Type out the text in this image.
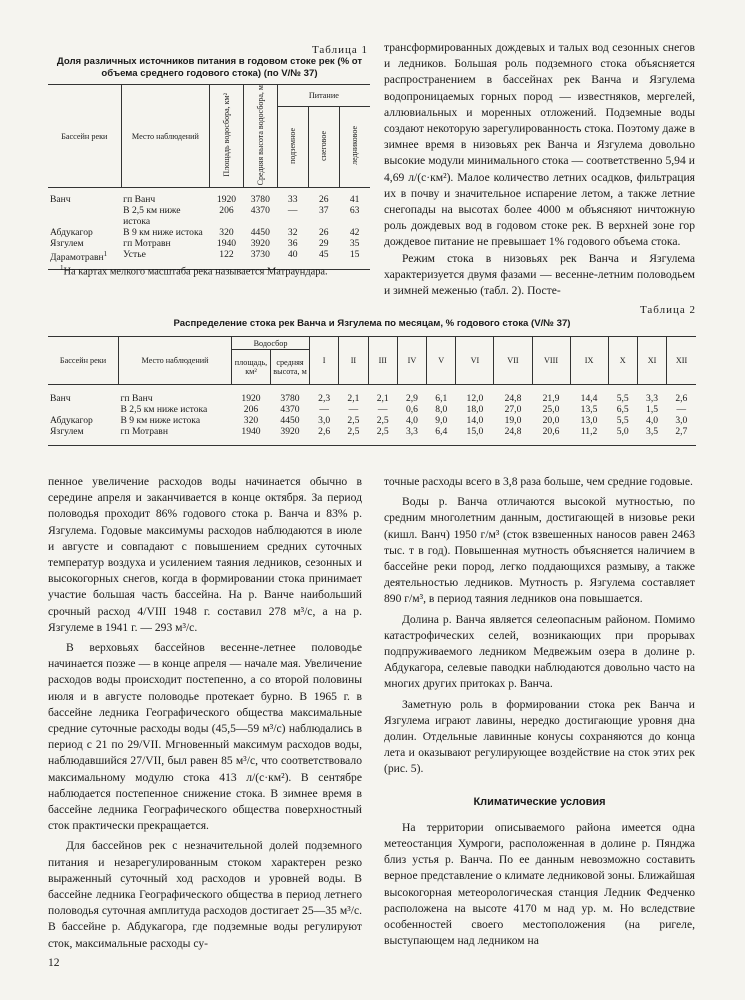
Таблица 1
Доля различных источников питания в годовом стоке рек (% от объема среднего годового стока) (по V/№ 37)
Бассейн реки	Место наблюдений	Площадь водосбора, км²	Средняя высота водосбора, м	Питание		
				подземное	снеговое	ледниковое

Ванч	гп Ванч	1920	3780	33	26	41
	В 2,5 км ниже истока	206	4370	—	37	63
Абдукагор	В 9 км ниже истока	320	4450	32	26	42
Язгулем	гп Мотравн	1940	3920	36	29	35
Дарамотравн$^1$	Устье	122	3730	40	45	15
$^1$На картах мелкого масштаба река называется Матраундара.

трансформированных дождевых и талых вод сезонных снегов и ледников. Большая роль подземного стока объясняется распространением в бассейнах рек Ванча и Язгулема водопроницаемых горных пород — известняков, мергелей, аллювиальных и моренных отложений. Подземные воды создают некоторую зарегулированность стока. Поэтому даже в зимнее время в низовьях рек Ванча и Язгулема довольно высокие модули минимального стока — соответственно 5,94 и 4,69 л/(с·км²). Малое количество летних осадков, фильтрация их в почву и значительное испарение летом, а также летние снегопады на высотах более 4000 м объясняют ничтожную роль дождевых вод в годовом стоке рек. В верхней зоне гор дождевое питание не превышает 1% годового объема стока.

Режим стока в низовьях рек Ванча и Язгулема характеризуется двумя фазами — весенне-летним половодьем и зимней меженью (табл. 2). Посте-

Таблица 2
Распределение стока рек Ванча и Язгулема по месяцам, % годового стока (V/№ 37)
Бассейн реки	Место наблюдений	Водосбор		I	II	III	IV	V	VI	VII	VIII	IX	X	XI	XII
		площадь, км²	средняя высота, м												

Ванч	гп Ванч	1920	3780	2,3	2,1	2,1	2,9	6,1	12,0	24,8	21,9	14,4	5,5	3,3	2,6
	В 2,5 км ниже истока	206	4370	—	—	—	0,6	8,0	18,0	27,0	25,0	13,5	6,5	1,5	—
Абдукагор	В 9 км ниже истока	320	4450	3,0	2,5	2,5	4,0	9,0	14,0	19,0	20,0	13,0	5,5	4,0	3,0
Язгулем	гп Мотравн	1940	3920	2,6	2,5	2,5	3,3	6,4	15,0	24,8	20,6	11,2	5,0	3,5	2,7

пенное увеличение расходов воды начинается обычно в середине апреля и заканчивается в конце октября. За период половодья проходит 86% годового стока р. Ванча и 83% р. Язгулема. Годовые максимумы расходов наблюдаются в июле и августе и совпадают с повышением средних суточных температур воздуха и усилением таяния ледников, сезонных и высокогорных снегов, когда в формировании стока принимает участие большая часть бассейна. На р. Ванче наибольший срочный расход 4/VIII 1948 г. составил 278 м³/с, а на р. Язгулеме в 1941 г. — 293 м³/с.

В верховьях бассейнов весенне-летнее половодье начинается позже — в конце апреля — начале мая. Увеличение расходов воды происходит постепенно, а со второй половины июля и в августе половодье протекает бурно. В 1965 г. в бассейне ледника Географического общества максимальные средние суточные расходы воды (45,5—59 м³/с) наблюдались в период с 21 по 29/VII. Мгновенный максимум расходов воды, наблюдавшийся 27/VII, был равен 85 м³/с, что соответствовало максимальному модулю стока 413 л/(с·км²). В сентябре наблюдается постепенное снижение стока. В зимнее время в бассейне ледника Географического общества поверхностный сток практически прекращается.

Для бассейнов рек с незначительной долей подземного питания и незарегулированным стоком характерен резко выраженный суточный ход расходов и уровней воды. В бассейне ледника Географического общества в период летнего половодья суточная амплитуда расходов достигает 25—35 м³/с. В бассейне р. Абдукагора, где подземные воды регулируют сток, максимальные расходы су-

точные расходы всего в 3,8 раза больше, чем средние годовые.

Воды р. Ванча отличаются высокой мутностью, по средним многолетним данным, достигающей в низовье реки (кишл. Ванч) 1950 г/м³ (сток взвешенных наносов равен 2463 тыс. т в год). Повышенная мутность объясняется наличием в бассейне реки пород, легко поддающихся размыву, а также деятельностью ледников. Мутность р. Язгулема составляет 890 г/м³, в период таяния ледников она повышается.

Долина р. Ванча является селеопасным районом. Помимо катастрофических селей, возникающих при прорывах подпруживаемого ледником Медвежьим озера в долине р. Абдукагора, селевые паводки наблюдаются довольно часто на многих других притоках р. Ванча.

Заметную роль в формировании стока рек Ванча и Язгулема играют лавины, нередко достигающие уровня дна долин. Отдельные лавинные конусы сохраняются до конца лета и оказывают регулирующее воздействие на сток этих рек (рис. 5).

Климатические условия

На территории описываемого района имеется одна метеостанция Хумроги, расположенная в долине р. Пянджа близ устья р. Ванча. По ее данным невозможно составить верное представление о климате ледниковой зоны. Ближайшая высокогорная метеорологическая станция Ледник Федченко расположена на высоте 4170 м над ур. м. Но вследствие особенностей своего местоположения (на ригеле, выступающем над ледником на

12
